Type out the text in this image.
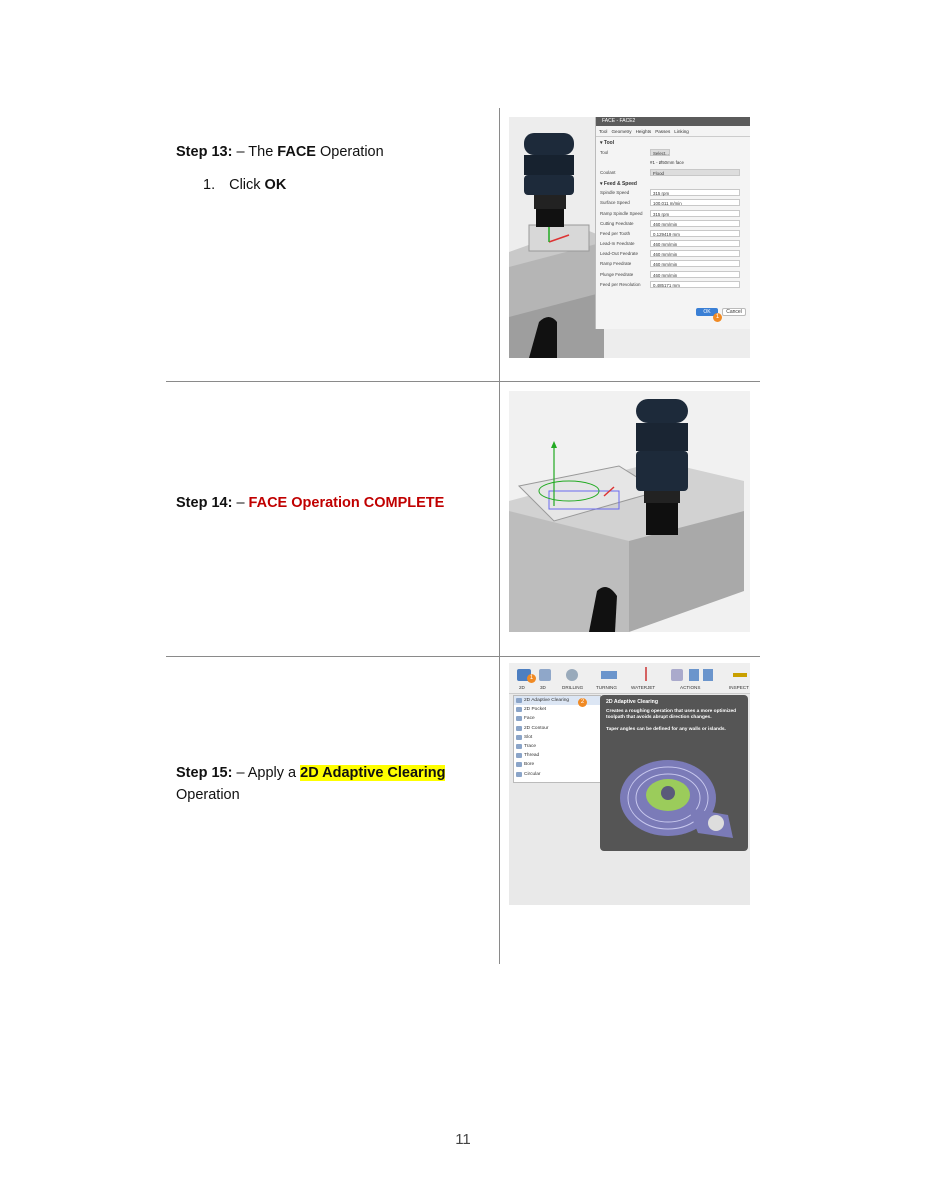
Step 13: – The FACE Operation
1. Click OK
Step 14: – FACE Operation COMPLETE
Step 15: – Apply a 2D Adaptive Clearing
Operation
FACE - FACE2
Tool Geometry Heights Passes Linking
▾ Tool
Tool	Select...
#1 - Ø50mm face
Coolant	Flood
▾ Feed & Speed
Spindle Speed	315 rpm
Surface Speed	100.011 m/min
Ramp Spindle Speed	315 rpm
Cutting Feedrate	460 mm/min
Feed per Tooth	0.129419 mm
Lead-In Feedrate	460 mm/min
Lead-Out Feedrate	460 mm/min
Ramp Feedrate	460 mm/min
Plunge Feedrate	460 mm/min
Feed per Revolution	0.485171 mm
OK	Cancel
1
2D	3D	DRILLING	TURNING	WATERJET	ACTIONS	INSPECT
1
2D Adaptive Clearing
2D Pocket
Face
2D Contour
Slot
Trace
Thread
Bore
Circular
2	2D Adaptive Clearing
Creates a roughing operation that uses a more optimized toolpath that avoids abrupt direction changes.
Taper angles can be defined for any walls or islands.
11
